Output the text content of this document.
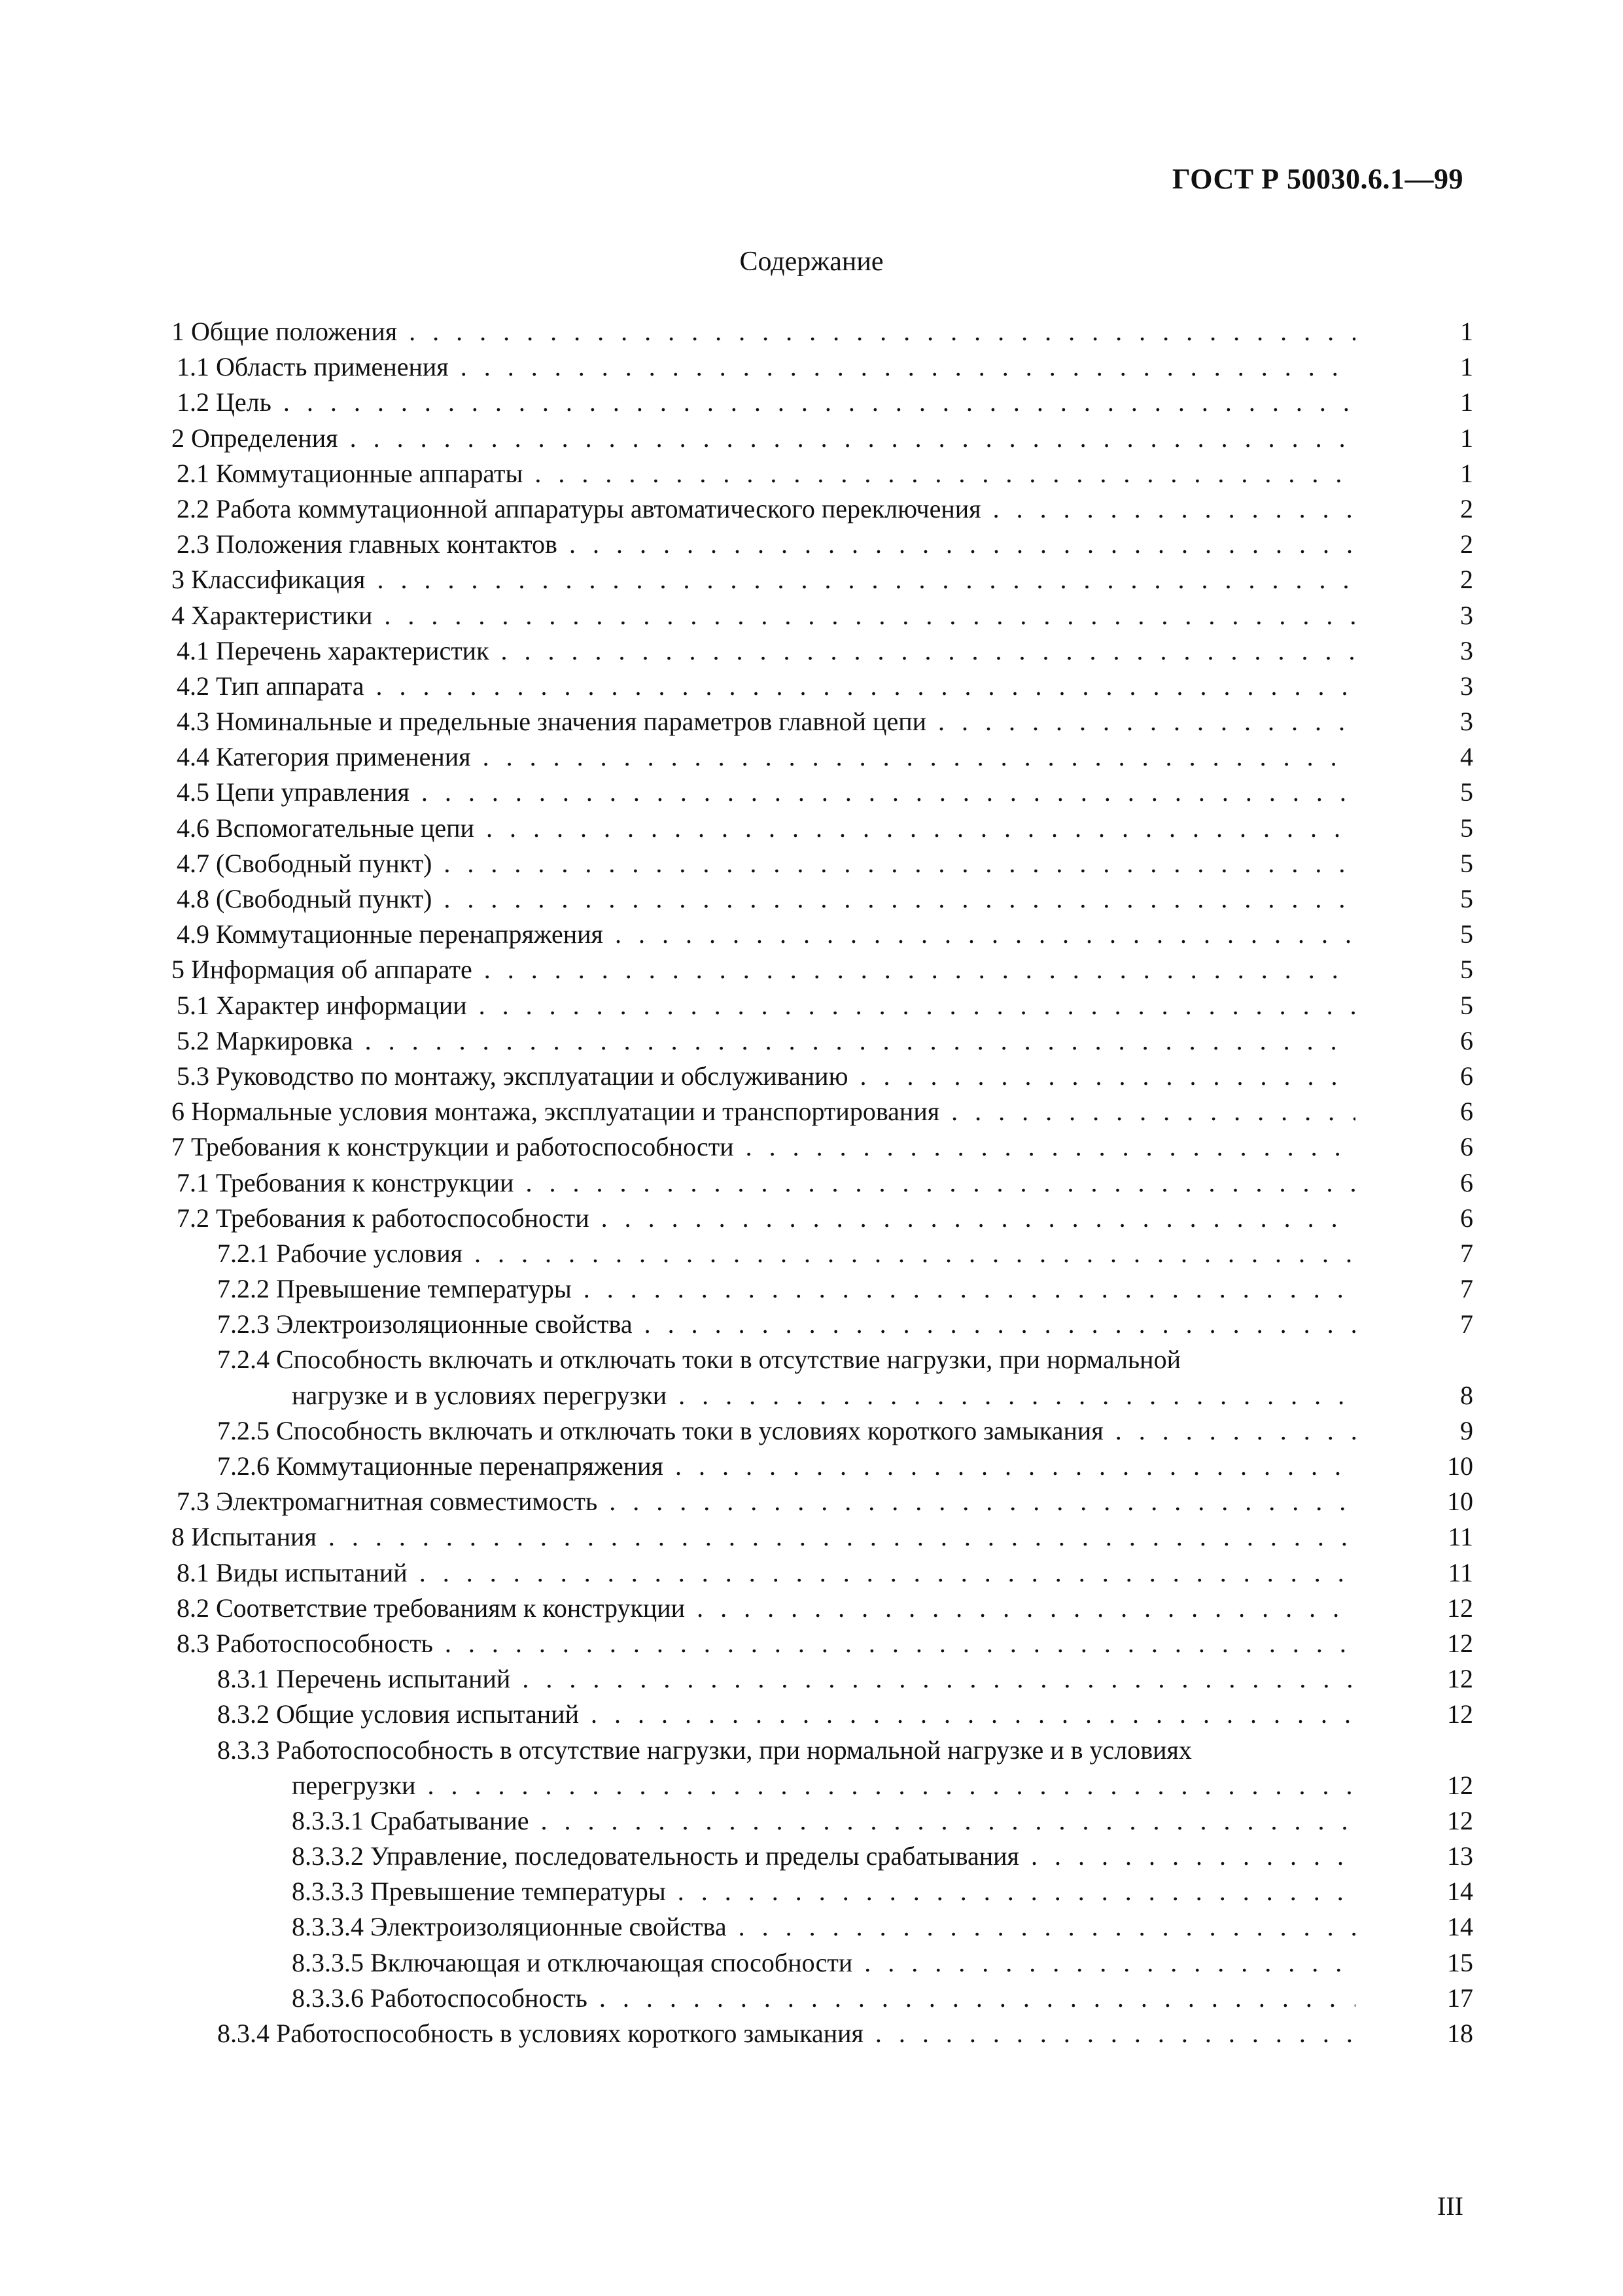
ГОСТ Р 50030.6.1—99
Содержание
1 Общие положения . .	1
1.1 Область применения . .	1
1.2 Цель . .	1
2 Определения . .	1
2.1 Коммутационные аппараты . .	1
2.2 Работа коммутационной аппаратуры автоматического переключения . .	2
2.3 Положения главных контактов . .	2
3 Классификация . .	2
4 Характеристики . .	3
4.1 Перечень характеристик . .	3
4.2 Тип аппарата . .	3
4.3 Номинальные и предельные значения параметров главной цепи . .	3
4.4 Категория применения . .	4
4.5 Цепи управления . .	5
4.6 Вспомогательные цепи . .	5
4.7 (Свободный пункт) . .	5
4.8 (Свободный пункт) . .	5
4.9 Коммутационные перенапряжения . .	5
5 Информация об аппарате . .	5
5.1 Характер информации . .	5
5.2 Маркировка . .	6
5.3 Руководство по монтажу, эксплуатации и обслуживанию . .	6
6 Нормальные условия монтажа, эксплуатации и транспортирования . .	6
7 Требования к конструкции и работоспособности . .	6
7.1 Требования к конструкции . .	6
7.2 Требования к работоспособности . .	6
7.2.1 Рабочие условия . .	7
7.2.2 Превышение температуры . .	7
7.2.3 Электроизоляционные свойства . .	7
7.2.4 Способность включать и отключать токи в отсутствие нагрузки, при нормальной
нагрузке и в условиях перегрузки . .	8
7.2.5 Способность включать и отключать токи в условиях короткого замыкания . .	9
7.2.6 Коммутационные перенапряжения . .	10
7.3 Электромагнитная совместимость . .	10
8 Испытания . .	11
8.1 Виды испытаний . .	11
8.2 Соответствие требованиям к конструкции . .	12
8.3 Работоспособность . .	12
8.3.1 Перечень испытаний . .	12
8.3.2 Общие условия испытаний . .	12
8.3.3 Работоспособность в отсутствие нагрузки, при нормальной нагрузке и в условиях
перегрузки . .	12
8.3.3.1 Срабатывание . .	12
8.3.3.2 Управление, последовательность и пределы срабатывания . .	13
8.3.3.3 Превышение температуры . .	14
8.3.3.4 Электроизоляционные свойства . .	14
8.3.3.5 Включающая и отключающая способности . .	15
8.3.3.6 Работоспособность . .	17
8.3.4 Работоспособность в условиях короткого замыкания . .	18
III
